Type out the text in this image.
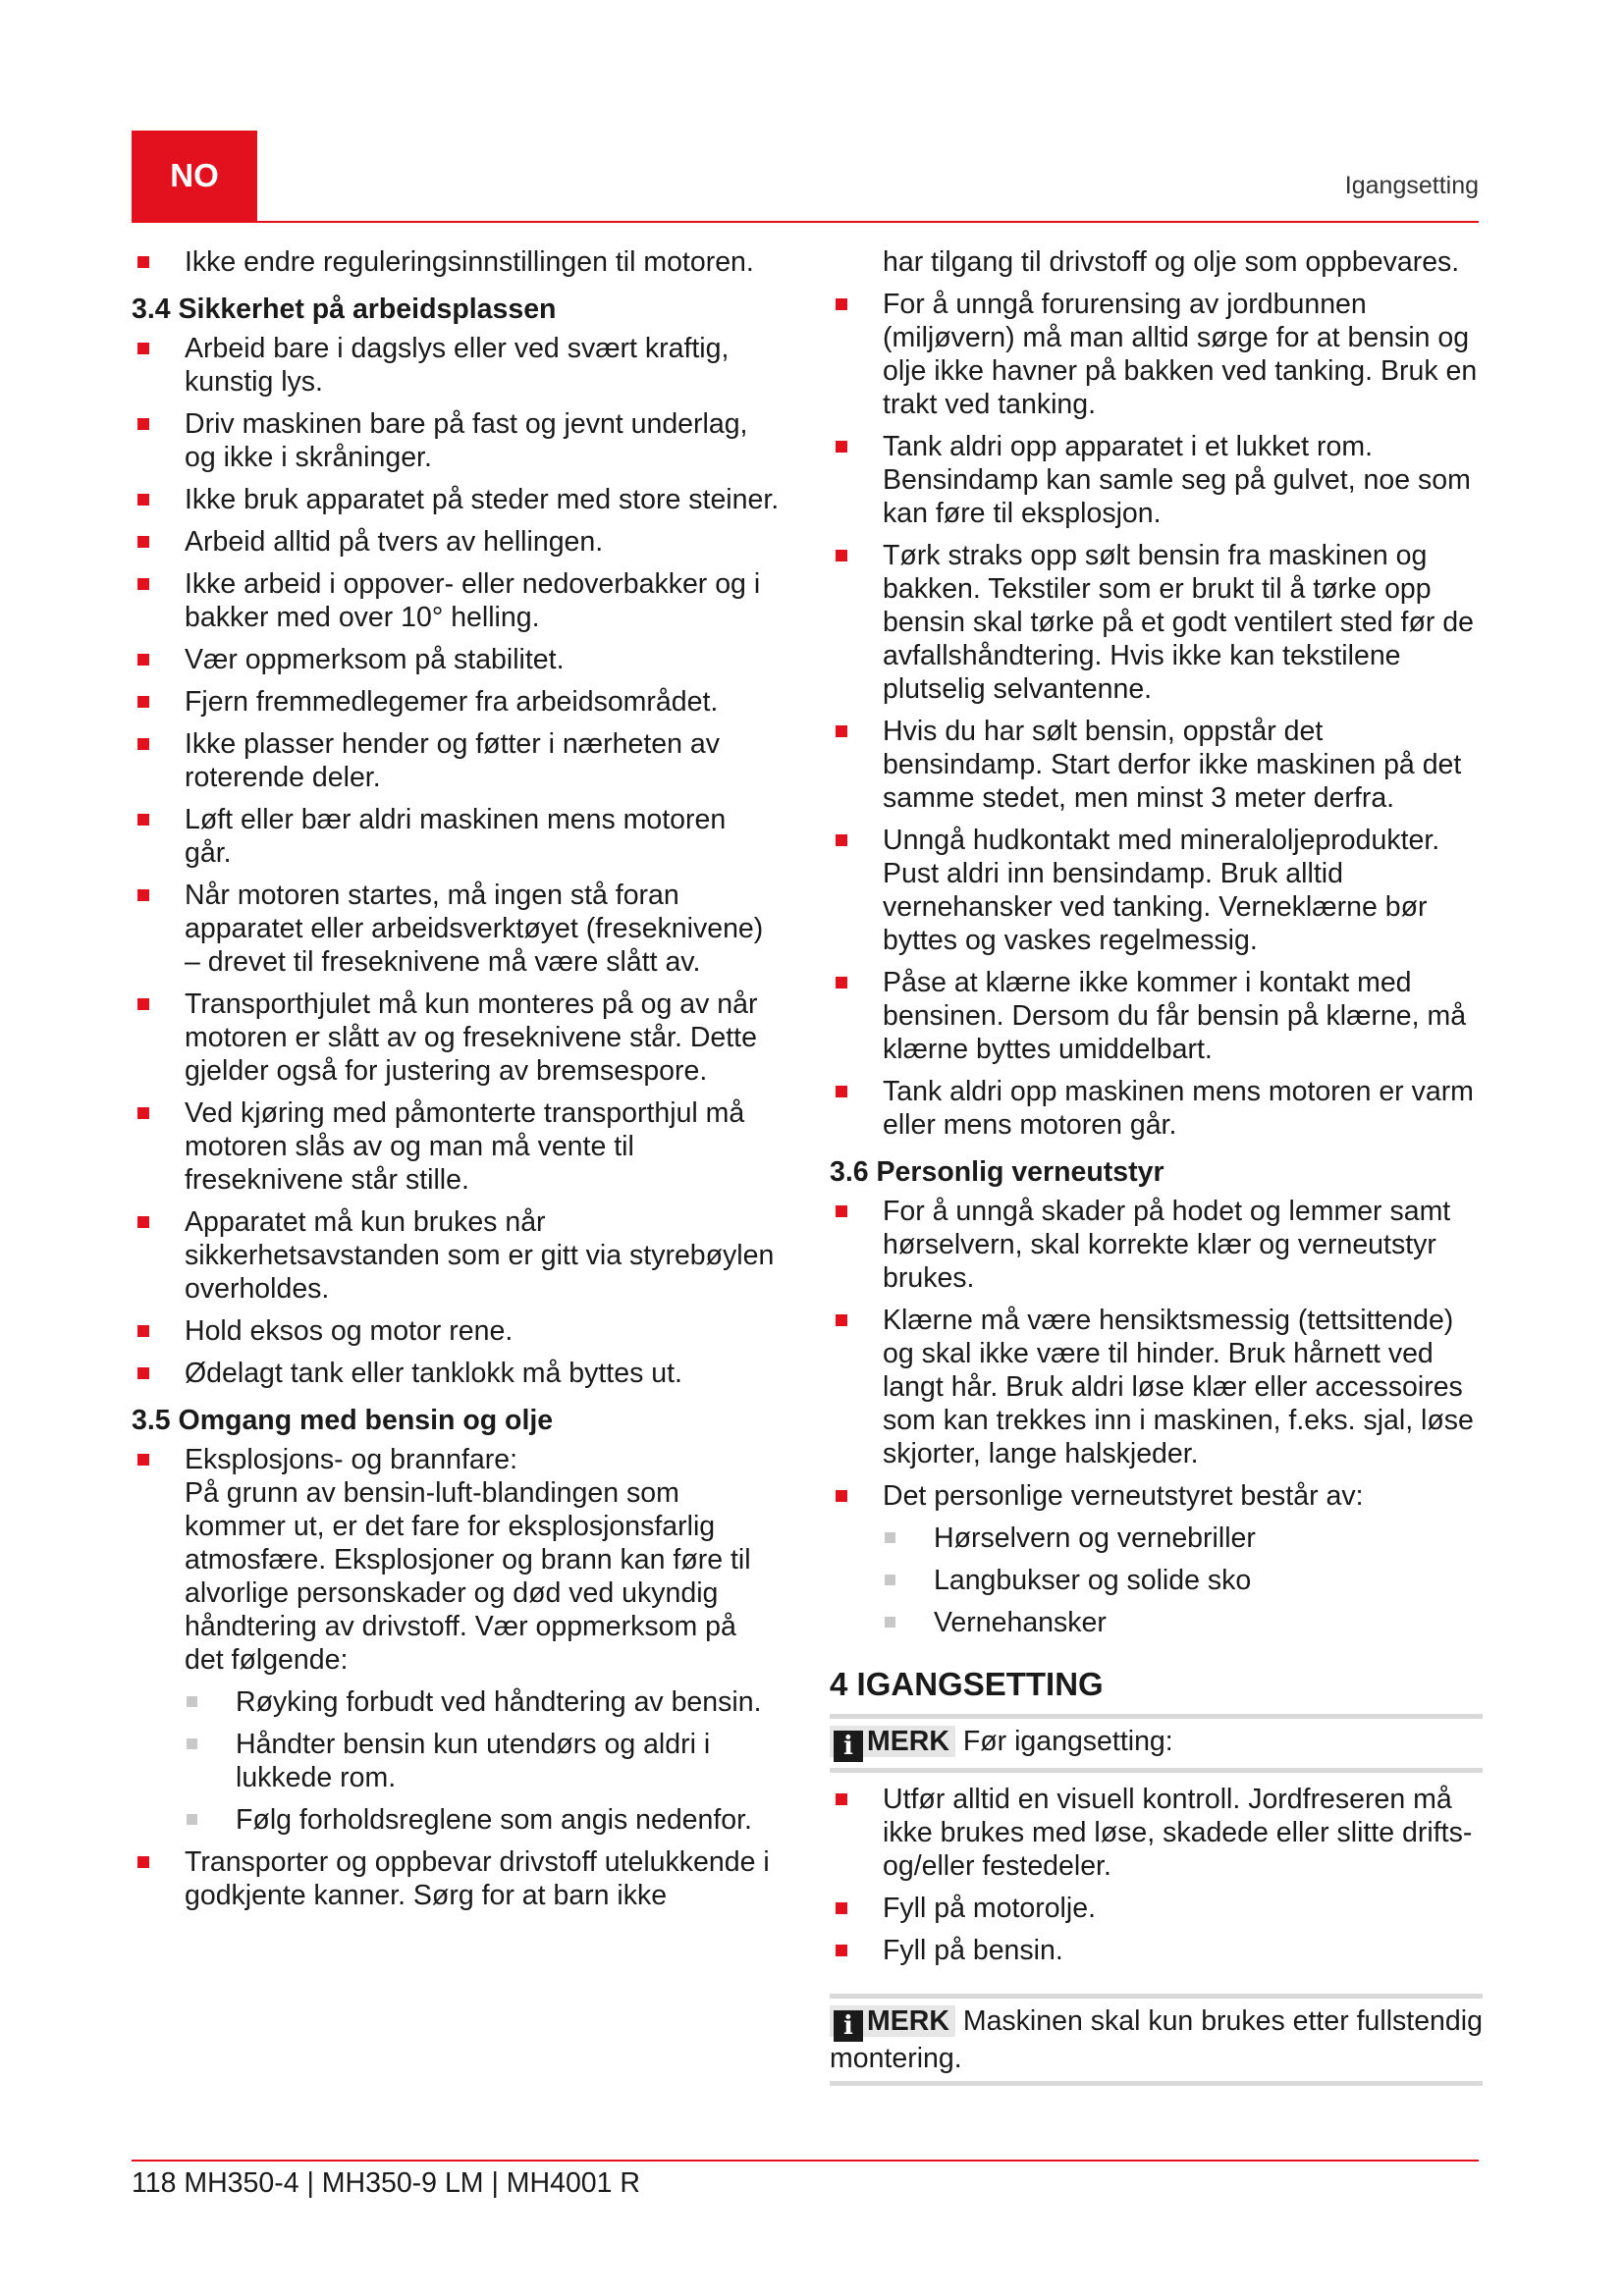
NO	Igangsetting
Ikke endre reguleringsinnstillingen til motoren.
3.4 Sikkerhet på arbeidsplassen
Arbeid bare i dagslys eller ved svært kraftig, kunstig lys.
Driv maskinen bare på fast og jevnt underlag, og ikke i skråninger.
Ikke bruk apparatet på steder med store steiner.
Arbeid alltid på tvers av hellingen.
Ikke arbeid i oppover- eller nedoverbakker og i bakker med over 10° helling.
Vær oppmerksom på stabilitet.
Fjern fremmedlegemer fra arbeidsområdet.
Ikke plasser hender og føtter i nærheten av roterende deler.
Løft eller bær aldri maskinen mens motoren går.
Når motoren startes, må ingen stå foran apparatet eller arbeidsverktøyet (freseknivene) – drevet til freseknivene må være slått av.
Transporthjulet må kun monteres på og av når motoren er slått av og freseknivene står. Dette gjelder også for justering av bremsespore.
Ved kjøring med påmonterte transporthjul må motoren slås av og man må vente til freseknivene står stille.
Apparatet må kun brukes når sikkerhetsavstanden som er gitt via styrebøylen overholdes.
Hold eksos og motor rene.
Ødelagt tank eller tanklokk må byttes ut.
3.5 Omgang med bensin og olje
Eksplosjons- og brannfare:
På grunn av bensin-luft-blandingen som kommer ut, er det fare for eksplosjonsfarlig atmosfære. Eksplosjoner og brann kan føre til alvorlige personskader og død ved ukyndig håndtering av drivstoff. Vær oppmerksom på det følgende:
Røyking forbudt ved håndtering av bensin.
Håndter bensin kun utendørs og aldri i lukkede rom.
Følg forholdsreglene som angis nedenfor.
Transporter og oppbevar drivstoff utelukkende i godkjente kanner. Sørg for at barn ikke
har tilgang til drivstoff og olje som oppbevares.
For å unngå forurensing av jordbunnen (miljøvern) må man alltid sørge for at bensin og olje ikke havner på bakken ved tanking. Bruk en trakt ved tanking.
Tank aldri opp apparatet i et lukket rom. Bensindamp kan samle seg på gulvet, noe som kan føre til eksplosjon.
Tørk straks opp sølt bensin fra maskinen og bakken. Tekstiler som er brukt til å tørke opp bensin skal tørke på et godt ventilert sted før de avfallshåndtering. Hvis ikke kan tekstilene plutselig selvantenne.
Hvis du har sølt bensin, oppstår det bensindamp. Start derfor ikke maskinen på det samme stedet, men minst 3 meter derfra.
Unngå hudkontakt med mineraloljeprodukter. Pust aldri inn bensindamp. Bruk alltid vernehansker ved tanking. Verneklærne bør byttes og vaskes regelmessig.
Påse at klærne ikke kommer i kontakt med bensinen. Dersom du får bensin på klærne, må klærne byttes umiddelbart.
Tank aldri opp maskinen mens motoren er varm eller mens motoren går.
3.6 Personlig verneutstyr
For å unngå skader på hodet og lemmer samt hørselvern, skal korrekte klær og verneutstyr brukes.
Klærne må være hensiktsmessig (tettsittende) og skal ikke være til hinder. Bruk hårnett ved langt hår. Bruk aldri løse klær eller accessoires som kan trekkes inn i maskinen, f.eks. sjal, løse skjorter, lange halskjeder.
Det personlige verneutstyret består av:
Hørselvern og vernebriller
Langbukser og solide sko
Vernehansker
4 IGANGSETTING
i MERK Før igangsetting:
Utfør alltid en visuell kontroll. Jordfreseren må ikke brukes med løse, skadede eller slitte drifts- og/eller festedeler.
Fyll på motorolje.
Fyll på bensin.
i MERK Maskinen skal kun brukes etter fullstendig montering.
118 MH350-4 | MH350-9 LM | MH4001 R
